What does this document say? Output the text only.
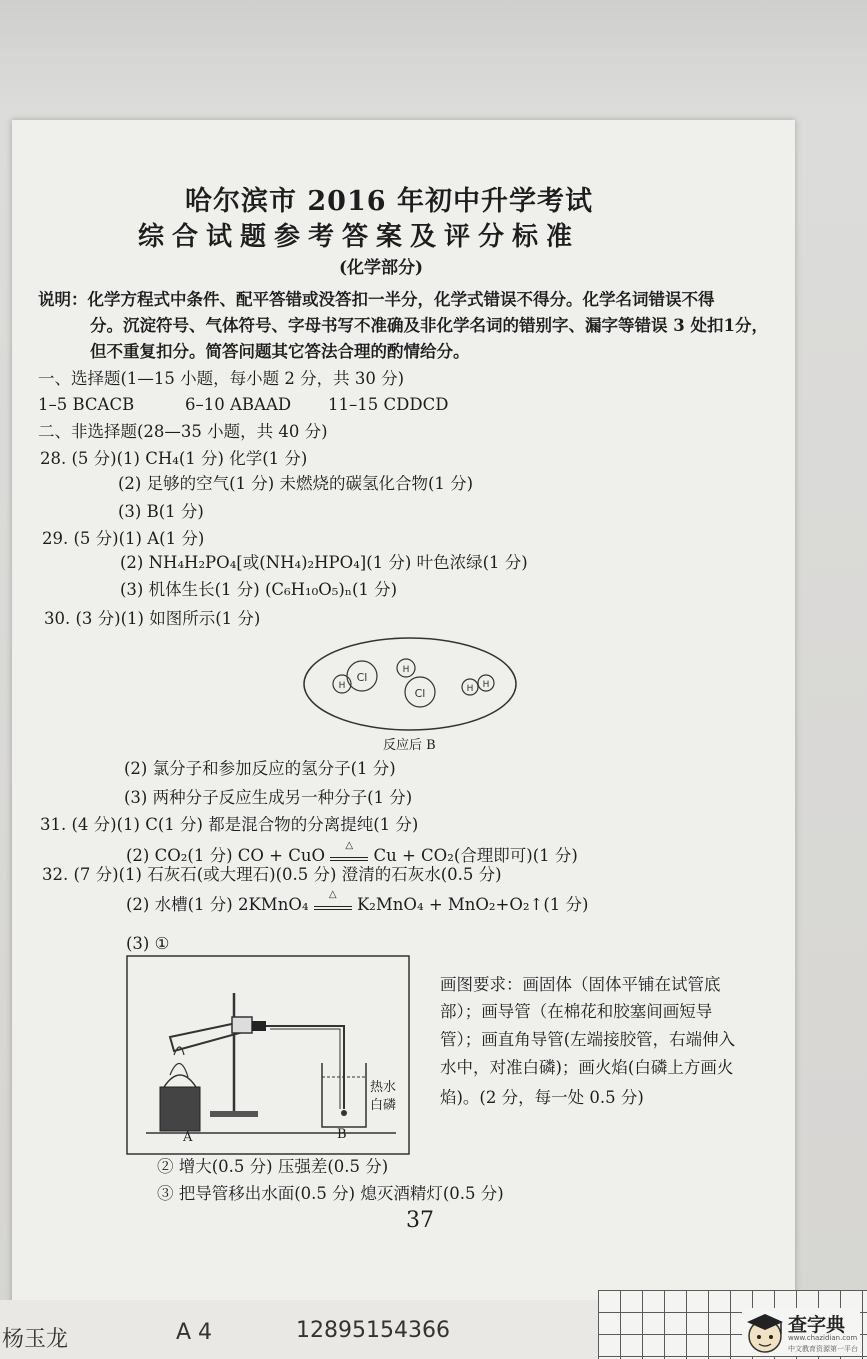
哈尔滨市 2016 年初中升学考试
综合试题参考答案及评分标准
(化学部分)
说明：化学方程式中条件、配平答错或没答扣一半分，化学式错误不得分。化学名词错误不得
分。沉淀符号、气体符号、字母书写不准确及非化学名词的错别字、漏字等错误 3 处扣1分，
但不重复扣分。简答问题其它答法合理的酌情给分。
一、选择题(1—15 小题，每小题 2 分，共 30 分)
1–5 BCACB	6–10 ABAAD 11–15 CDDCD
二、非选择题(28—35 小题，共 40 分)
28. (5 分)(1) CH₄(1 分) 化学(1 分)
(2) 足够的空气(1 分) 未燃烧的碳氢化合物(1 分)
(3) B(1 分)
29. (5 分)(1) A(1 分)
(2) NH₄H₂PO₄[或(NH₄)₂HPO₄](1 分) 叶色浓绿(1 分)
(3) 机体生长(1 分) (C₆H₁₀O₅)ₙ(1 分)
30. (3 分)(1) 如图所示(1 分)
Cl
H
Cl
H
H H
反应后 B
(2) 氯分子和参加反应的氢分子(1 分)
(3) 两种分子反应生成另一种分子(1 分)
31. (4 分)(1) C(1 分) 都是混合物的分离提纯(1 分)
(2) CO₂(1 分) CO + CuO
△
Cu + CO₂(合理即可)(1 分)
32. (7 分)(1) 石灰石(或大理石)(0.5 分) 澄清的石灰水(0.5 分)
(2) 水槽(1 分) 2KMnO₄
△
K₂MnO₄ + MnO₂+O₂↑(1 分)
(3) ①
A	B
热水
白磷
画图要求：画固体（固体平铺在试管底
部）；画导管（在棉花和胶塞间画短导
管）；画直角导管(左端接胶管，右端伸入
水中，对准白磷)；画火焰(白磷上方画火
焰)。(2 分，每一处 0.5 分)
② 增大(0.5 分) 压强差(0.5 分)
③ 把导管移出水面(0.5 分) 熄灭酒精灯(0.5 分)
37
杨玉龙	A 4	12895154366	查字典
www.chazidian.com
中文教育资源第一平台
